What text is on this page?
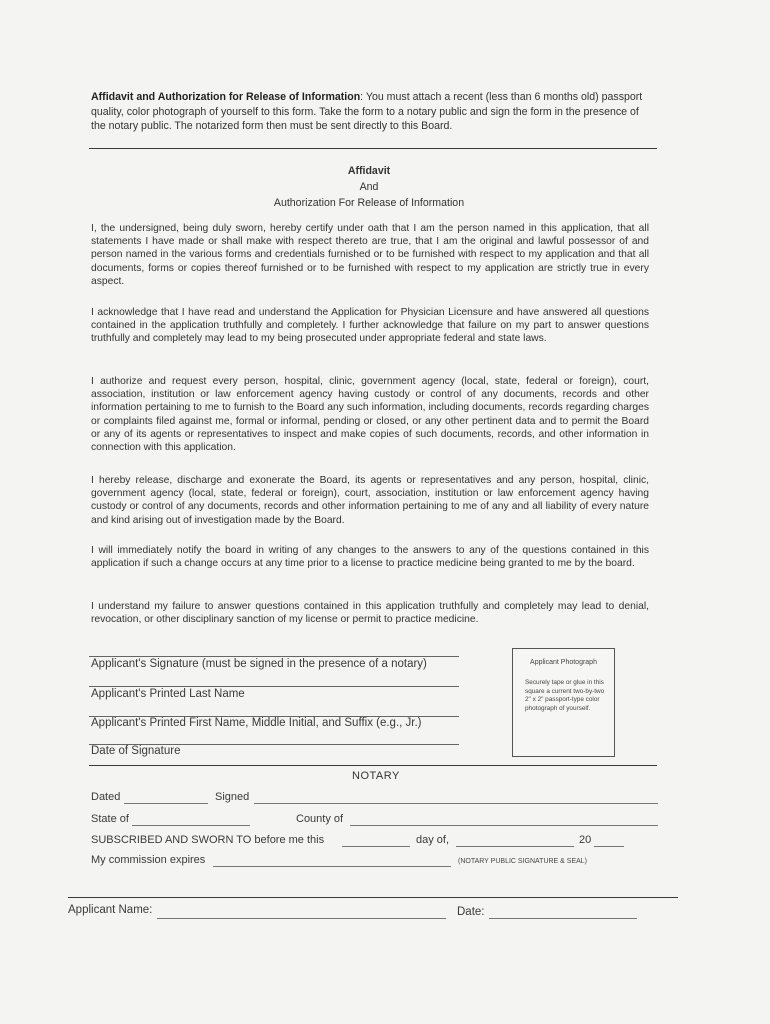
Affidavit and Authorization for Release of Information: You must attach a recent (less than 6 months old) passport quality, color photograph of yourself to this form. Take the form to a notary public and sign the form in the presence of the notary public. The notarized form then must be sent directly to this Board.
Affidavit
And
Authorization For Release of Information
I, the undersigned, being duly sworn, hereby certify under oath that I am the person named in this application, that all statements I have made or shall make with respect thereto are true, that I am the original and lawful possessor of and person named in the various forms and credentials furnished or to be furnished with respect to my application and that all documents, forms or copies thereof furnished or to be furnished with respect to my application are strictly true in every aspect.
I acknowledge that I have read and understand the Application for Physician Licensure and have answered all questions contained in the application truthfully and completely. I further acknowledge that failure on my part to answer questions truthfully and completely may lead to my being prosecuted under appropriate federal and state laws.
I authorize and request every person, hospital, clinic, government agency (local, state, federal or foreign), court, association, institution or law enforcement agency having custody or control of any documents, records and other information pertaining to me to furnish to the Board any such information, including documents, records regarding charges or complaints filed against me, formal or informal, pending or closed, or any other pertinent data and to permit the Board or any of its agents or representatives to inspect and make copies of such documents, records, and other information in connection with this application.
I hereby release, discharge and exonerate the Board, its agents or representatives and any person, hospital, clinic, government agency (local, state, federal or foreign), court, association, institution or law enforcement agency having custody or control of any documents, records and other information pertaining to me of any and all liability of every nature and kind arising out of investigation made by the Board.
I will immediately notify the board in writing of any changes to the answers to any of the questions contained in this application if such a change occurs at any time prior to a license to practice medicine being granted to me by the board.
I understand my failure to answer questions contained in this application truthfully and completely may lead to denial, revocation, or other disciplinary sanction of my license or permit to practice medicine.
Applicant's Signature (must be signed in the presence of a notary)
Applicant's Printed Last Name
Applicant's Printed First Name, Middle Initial, and Suffix (e.g., Jr.)
Date of Signature
Applicant Photograph
Securely tape or glue in this square a current two-by-two 2" x 2" passport-type color photograph of yourself.
NOTARY
Dated	Signed
State of	County of
SUBSCRIBED AND SWORN TO before me this	day of,	20
My commission expires	(NOTARY PUBLIC SIGNATURE & SEAL)
Applicant Name:	Date:
